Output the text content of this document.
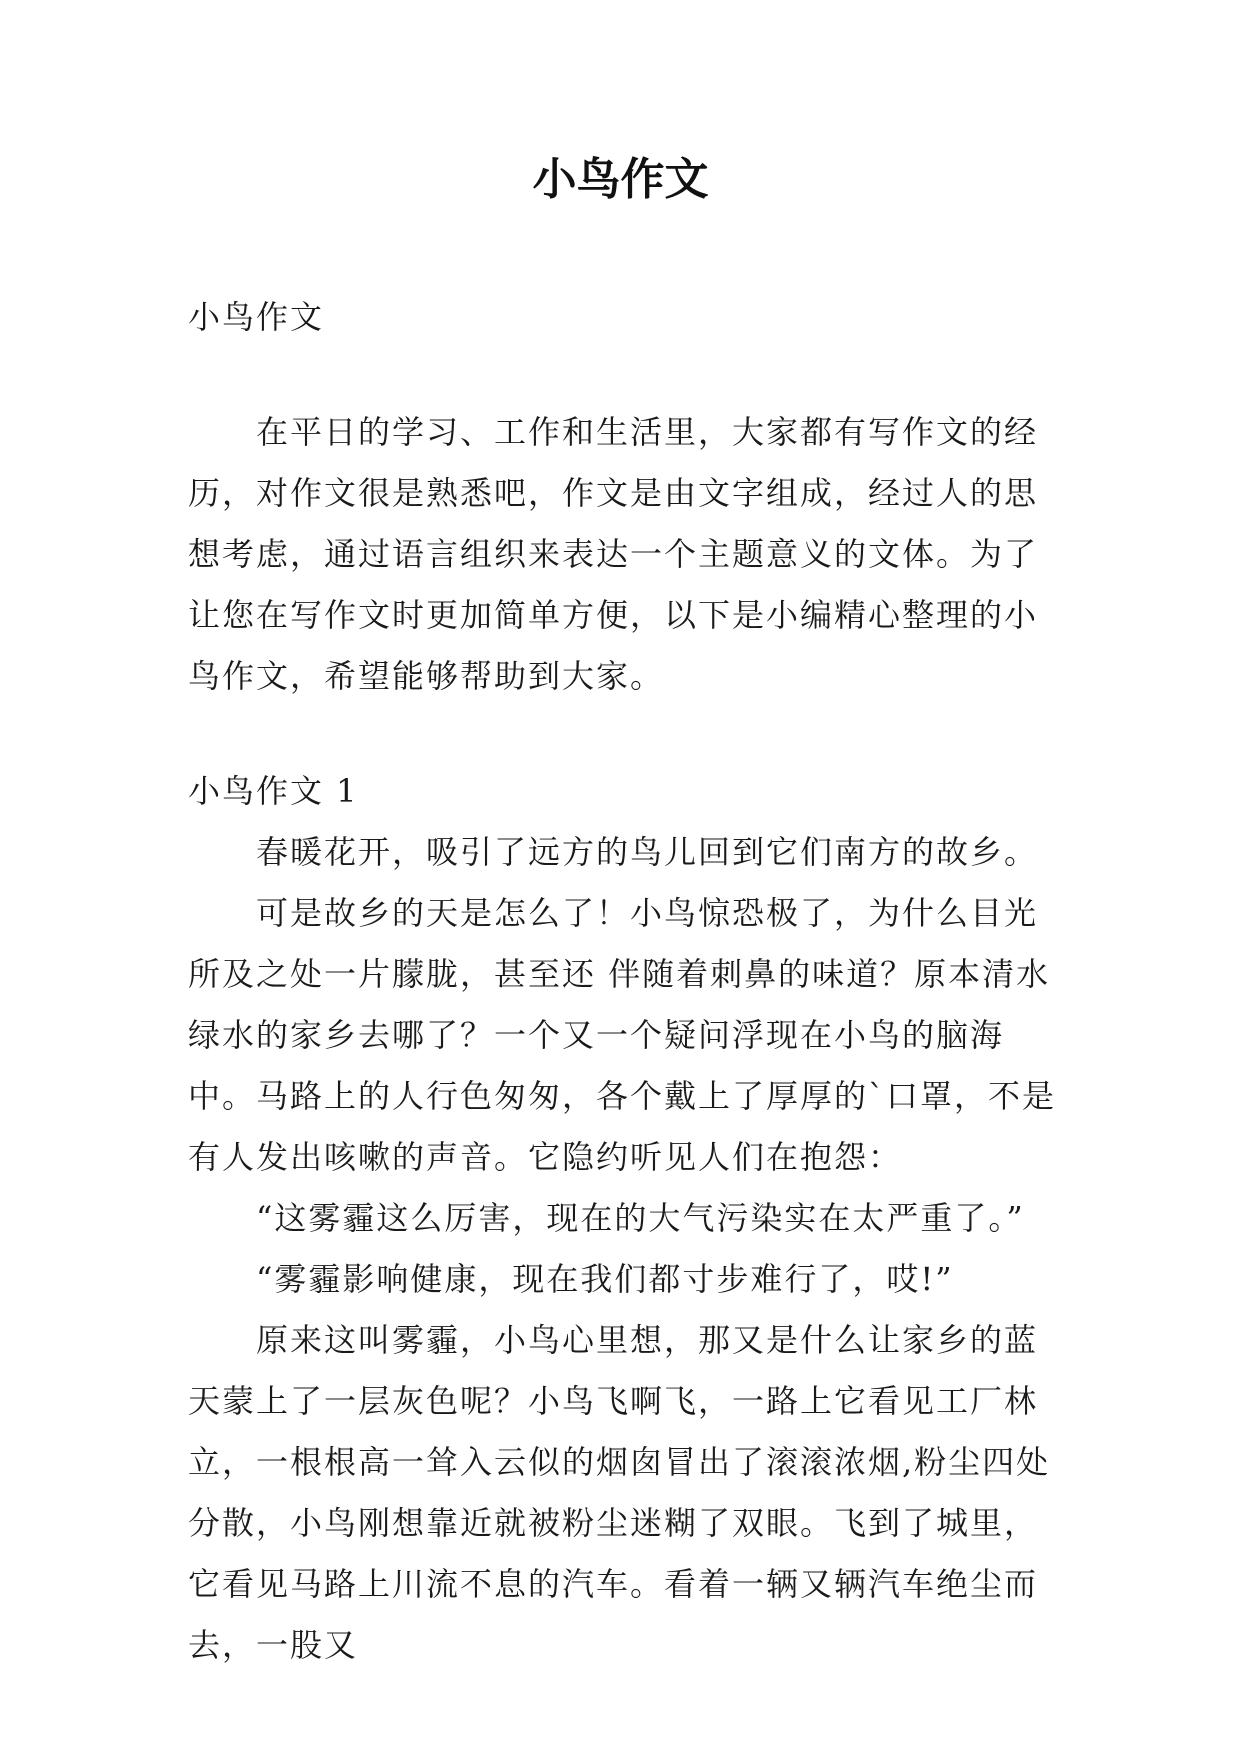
小鸟作文

小鸟作文

在平日的学习、工作和生活里，大家都有写作文的经历，对作文很是熟悉吧，作文是由文字组成，经过人的思想考虑，通过语言组织来表达一个主题意义的文体。为了让您在写作文时更加简单方便，以下是小编精心整理的小鸟作文，希望能够帮助到大家。

小鸟作文 1

春暖花开，吸引了远方的鸟儿回到它们南方的故乡。

可是故乡的天是怎么了！小鸟惊恐极了，为什么目光所及之处一片朦胧，甚至还 伴随着刺鼻的味道？原本清水绿水的家乡去哪了？一个又一个疑问浮现在小鸟的脑海中。马路上的人行色匆匆，各个戴上了厚厚的`口罩，不是有人发出咳嗽的声音。它隐约听见人们在抱怨：

“这雾霾这么厉害，现在的大气污染实在太严重了。”

“雾霾影响健康，现在我们都寸步难行了，哎!”

原来这叫雾霾，小鸟心里想，那又是什么让家乡的蓝天蒙上了一层灰色呢？小鸟飞啊飞，一路上它看见工厂林立，一根根高一耸入云似的烟囱冒出了滚滚浓烟,粉尘四处分散，小鸟刚想靠近就被粉尘迷糊了双眼。飞到了城里，它看见马路上川流不息的汽车。看着一辆又辆汽车绝尘而去，一股又
